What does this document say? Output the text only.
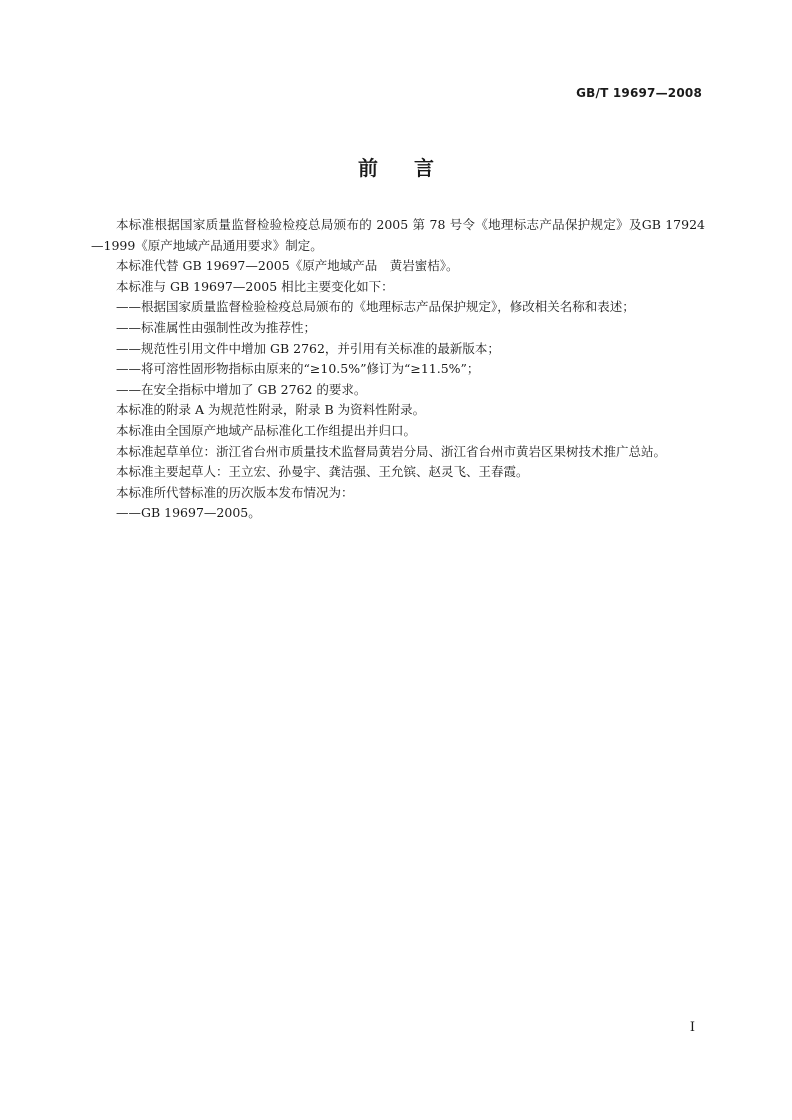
GB/T 19697—2008
前言

本标准根据国家质量监督检验检疫总局颁布的 2005 第 78 号令《地理标志产品保护规定》及GB 17924—1999《原产地域产品通用要求》制定。

本标准代替 GB 19697—2005《原产地域产品　黄岩蜜桔》。

本标准与 GB 19697—2005 相比主要变化如下：

——根据国家质量监督检验检疫总局颁布的《地理标志产品保护规定》，修改相关名称和表述；

——标准属性由强制性改为推荐性；

——规范性引用文件中增加 GB 2762，并引用有关标准的最新版本；

——将可溶性固形物指标由原来的“≥10.5%”修订为“≥11.5%”；

——在安全指标中增加了 GB 2762 的要求。

本标准的附录 A 为规范性附录，附录 B 为资料性附录。

本标准由全国原产地域产品标准化工作组提出并归口。

本标准起草单位：浙江省台州市质量技术监督局黄岩分局、浙江省台州市黄岩区果树技术推广总站。

本标准主要起草人：王立宏、孙曼宇、龚洁强、王允镔、赵灵飞、王春霞。

本标准所代替标准的历次版本发布情况为：

——GB 19697—2005。

I
